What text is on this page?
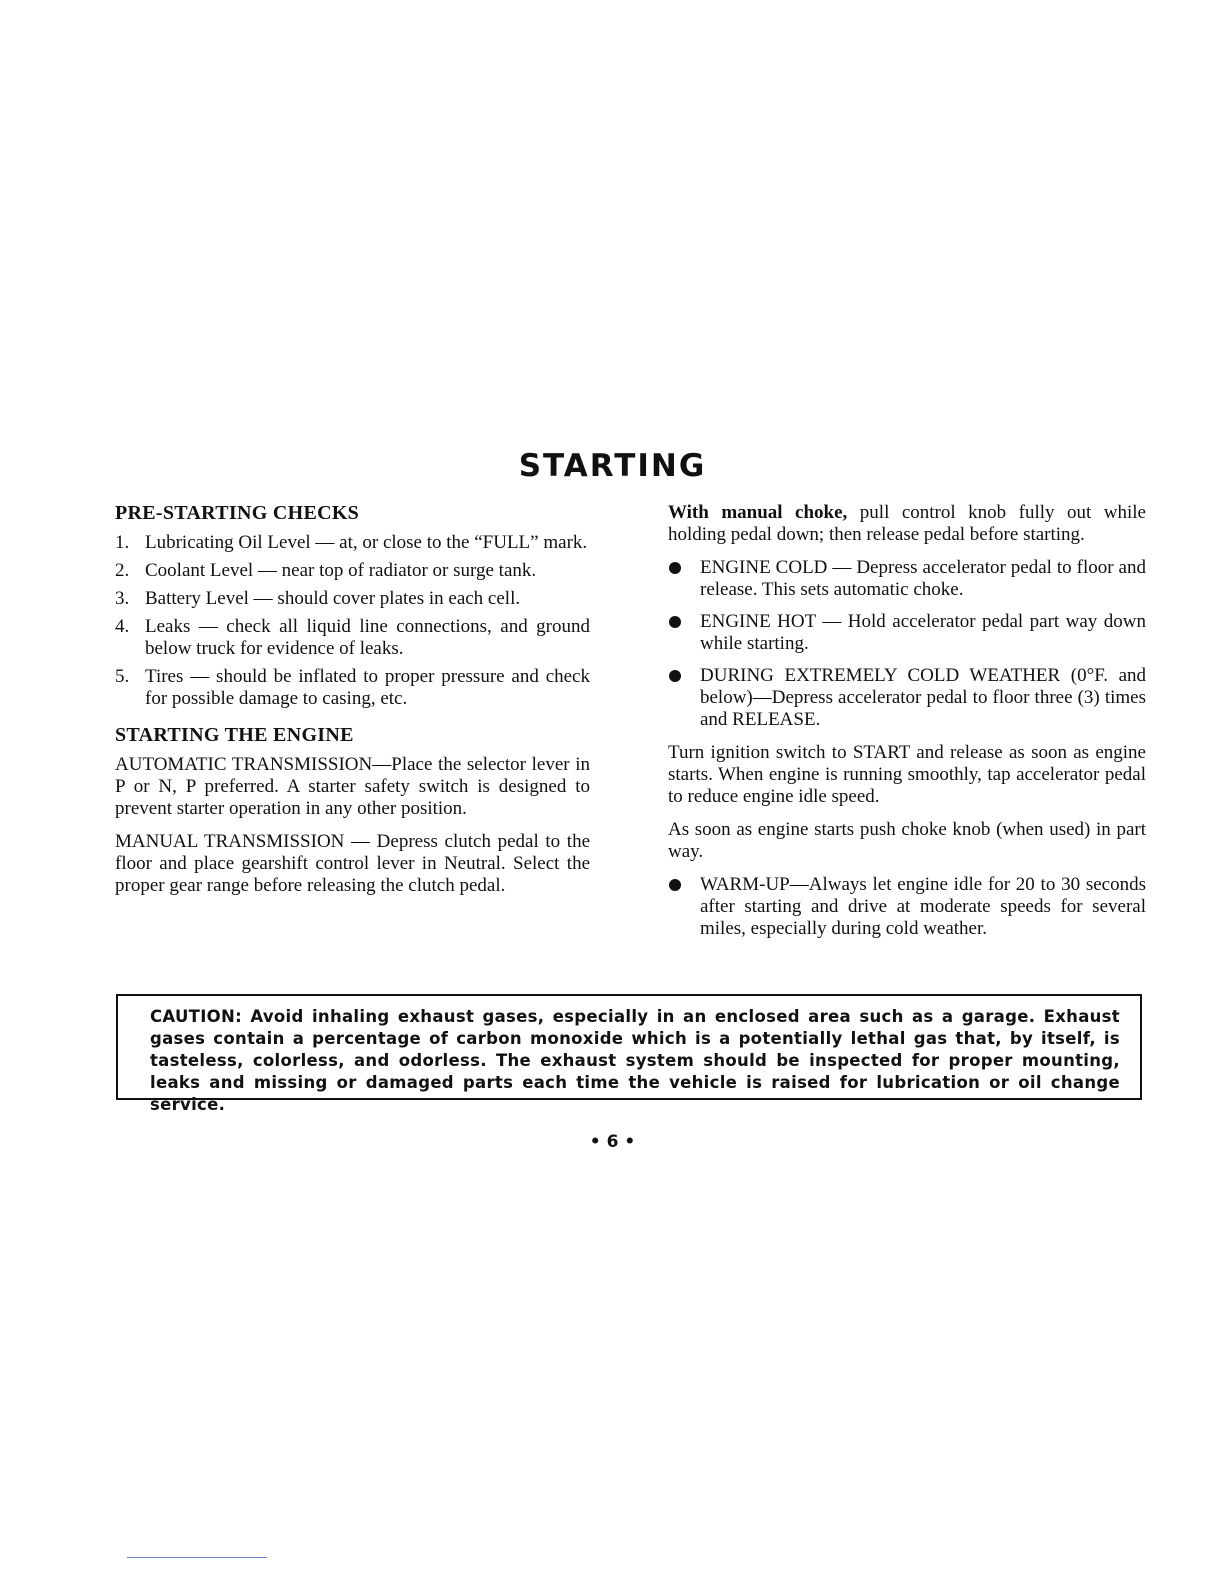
STARTING
PRE-STARTING CHECKS
1. Lubricating Oil Level — at, or close to the “FULL” mark.
2. Coolant Level — near top of radiator or surge tank.
3. Battery Level — should cover plates in each cell.
4. Leaks — check all liquid line connections, and ground below truck for evidence of leaks.
5. Tires — should be inflated to proper pressure and check for possible damage to casing, etc.
STARTING THE ENGINE

AUTOMATIC TRANSMISSION—Place the selector lever in P or N, P preferred. A starter safety switch is designed to prevent starter operation in any other position.

MANUAL TRANSMISSION — Depress clutch pedal to the floor and place gearshift control lever in Neutral. Select the proper gear range before releasing the clutch pedal.

With manual choke, pull control knob fully out while holding pedal down; then release pedal before starting.

ENGINE COLD — Depress accelerator pedal to floor and release. This sets automatic choke.
ENGINE HOT — Hold accelerator pedal part way down while starting.
DURING EXTREMELY COLD WEATHER (0°F. and below)—Depress accelerator pedal to floor three (3) times and RELEASE.

Turn ignition switch to START and release as soon as engine starts. When engine is running smoothly, tap accelerator pedal to reduce engine idle speed.

As soon as engine starts push choke knob (when used) in part way.

WARM-UP—Always let engine idle for 20 to 30 seconds after starting and drive at moderate speeds for several miles, especially during cold weather.
CAUTION: Avoid inhaling exhaust gases, especially in an enclosed area such as a garage. Exhaust gases contain a percentage of carbon monoxide which is a potentially lethal gas that, by itself, is tasteless, colorless, and odorless. The exhaust system should be inspected for proper mounting, leaks and missing or damaged parts each time the vehicle is raised for lubrication or oil change service.
• 6 •
